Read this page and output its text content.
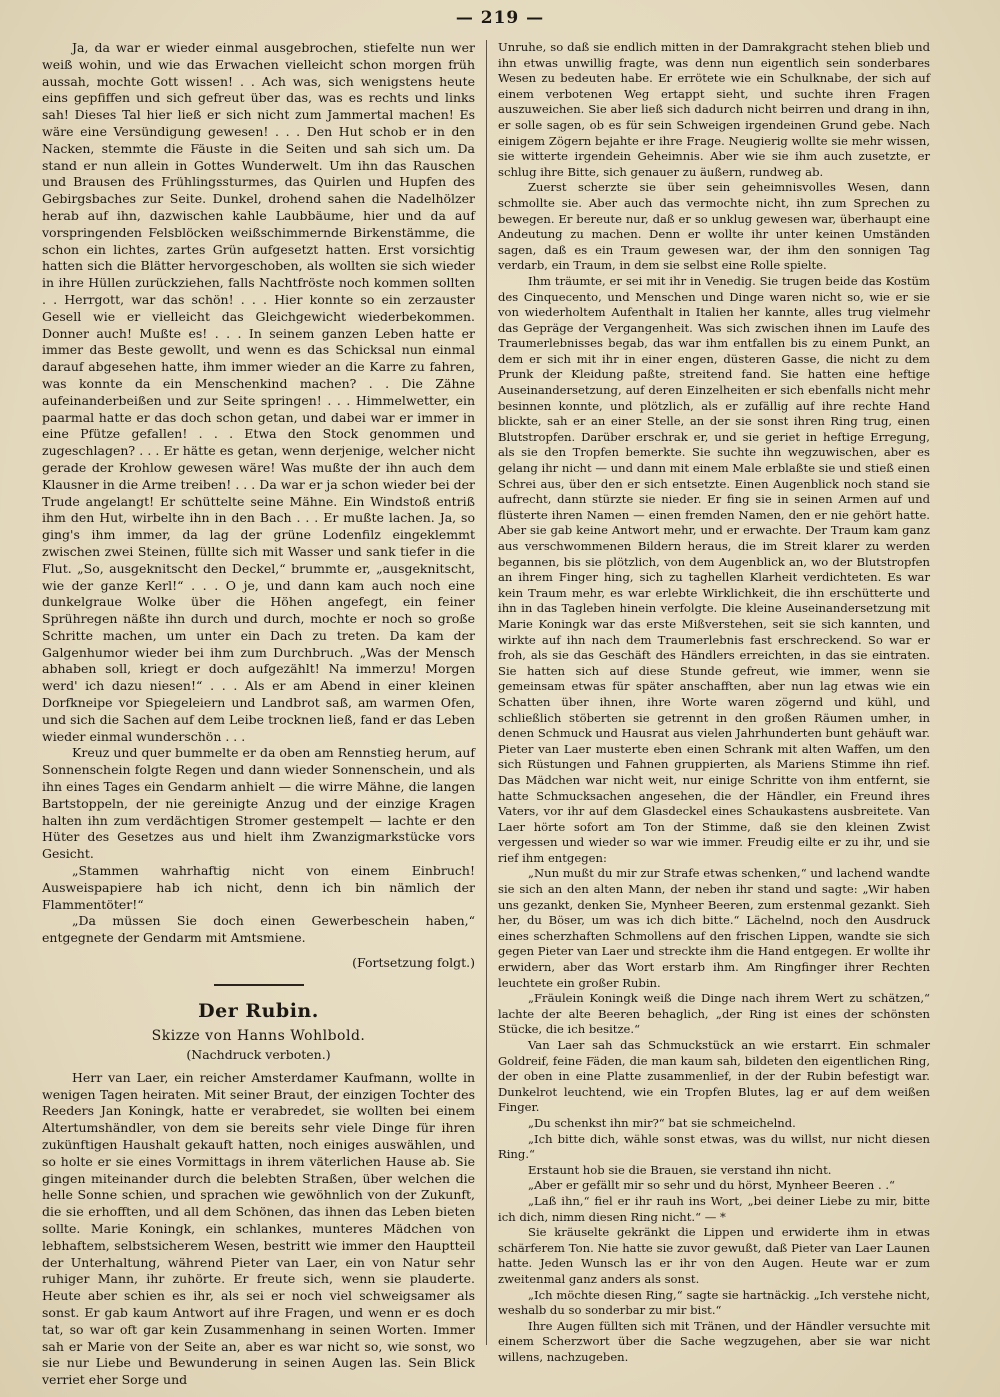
— 219 —

Ja, da war er wieder einmal ausgebrochen, stiefelte nun wer weiß wohin, und wie das Erwachen vielleicht schon morgen früh aussah, mochte Gott wissen! . . Ach was, sich wenigstens heute eins gepfiffen und sich gefreut über das, was es rechts und links sah! Dieses Tal hier ließ er sich nicht zum Jammertal machen! Es wäre eine Versündigung gewesen! . . . Den Hut schob er in den Nacken, stemmte die Fäuste in die Seiten und sah sich um. Da stand er nun allein in Gottes Wunderwelt. Um ihn das Rauschen und Brausen des Frühlingssturmes, das Quirlen und Hupfen des Gebirgsbaches zur Seite. Dunkel, drohend sahen die Nadelhölzer herab auf ihn, dazwischen kahle Laubbäume, hier und da auf vorspringenden Felsblöcken weißschimmernde Birkenstämme, die schon ein lichtes, zartes Grün aufgesetzt hatten. Erst vorsichtig hatten sich die Blätter hervorgeschoben, als wollten sie sich wieder in ihre Hüllen zurückziehen, falls Nachtfröste noch kommen sollten . . Herrgott, war das schön! . . . Hier konnte so ein zerzauster Gesell wie er vielleicht das Gleichgewicht wiederbekommen. Donner auch! Mußte es! . . . In seinem ganzen Leben hatte er immer das Beste gewollt, und wenn es das Schicksal nun einmal darauf abgesehen hatte, ihm immer wieder an die Karre zu fahren, was konnte da ein Menschenkind machen? . . Die Zähne aufeinanderbeißen und zur Seite springen! . . . Himmelwetter, ein paarmal hatte er das doch schon getan, und dabei war er immer in eine Pfütze gefallen! . . . Etwa den Stock genommen und zugeschlagen? . . . Er hätte es getan, wenn derjenige, welcher nicht gerade der Krohlow gewesen wäre! Was mußte der ihn auch dem Klausner in die Arme treiben! . . . Da war er ja schon wieder bei der Trude angelangt! Er schüttelte seine Mähne. Ein Windstoß entriß ihm den Hut, wirbelte ihn in den Bach . . . Er mußte lachen. Ja, so ging's ihm immer, da lag der grüne Lodenfilz eingeklemmt zwischen zwei Steinen, füllte sich mit Wasser und sank tiefer in die Flut. „So, ausgeknitscht den Deckel,“ brummte er, „ausgeknitscht, wie der ganze Kerl!“ . . . O je, und dann kam auch noch eine dunkelgraue Wolke über die Höhen angefegt, ein feiner Sprühregen näßte ihn durch und durch, mochte er noch so große Schritte machen, um unter ein Dach zu treten. Da kam der Galgenhumor wieder bei ihm zum Durchbruch. „Was der Mensch abhaben soll, kriegt er doch aufgezählt! Na immerzu! Morgen werd' ich dazu niesen!“ . . . Als er am Abend in einer kleinen Dorfkneipe vor Spiegeleiern und Landbrot saß, am warmen Ofen, und sich die Sachen auf dem Leibe trocknen ließ, fand er das Leben wieder einmal wunderschön . . .

Kreuz und quer bummelte er da oben am Rennstieg herum, auf Sonnenschein folgte Regen und dann wieder Sonnenschein, und als ihn eines Tages ein Gendarm anhielt — die wirre Mähne, die langen Bartstoppeln, der nie gereinigte Anzug und der einzige Kragen halten ihn zum verdächtigen Stromer gestempelt — lachte er den Hüter des Gesetzes aus und hielt ihm Zwanzigmarkstücke vors Gesicht.

„Stammen wahrhaftig nicht von einem Einbruch! Ausweispapiere hab ich nicht, denn ich bin nämlich der Flammentöter!“

„Da müssen Sie doch einen Gewerbeschein haben,“ entgegnete der Gendarm mit Amtsmiene.

(Fortsetzung folgt.)

Der Rubin.
Skizze von Hanns Wohlbold.
(Nachdruck verboten.)

Herr van Laer, ein reicher Amsterdamer Kaufmann, wollte in wenigen Tagen heiraten. Mit seiner Braut, der einzigen Tochter des Reeders Jan Koningk, hatte er verabredet, sie wollten bei einem Altertumshändler, von dem sie bereits sehr viele Dinge für ihren zukünftigen Haushalt gekauft hatten, noch einiges auswählen, und so holte er sie eines Vormittags in ihrem väterlichen Hause ab. Sie gingen miteinander durch die belebten Straßen, über welchen die helle Sonne schien, und sprachen wie gewöhnlich von der Zukunft, die sie erhofften, und all dem Schönen, das ihnen das Leben bieten sollte. Marie Koningk, ein schlankes, munteres Mädchen von lebhaftem, selbstsicherem Wesen, bestritt wie immer den Hauptteil der Unterhaltung, während Pieter van Laer, ein von Natur sehr ruhiger Mann, ihr zuhörte. Er freute sich, wenn sie plauderte. Heute aber schien es ihr, als sei er noch viel schweigsamer als sonst. Er gab kaum Antwort auf ihre Fragen, und wenn er es doch tat, so war oft gar kein Zusammenhang in seinen Worten. Immer sah er Marie von der Seite an, aber es war nicht so, wie sonst, wo sie nur Liebe und Bewunderung in seinen Augen las. Sein Blick verriet eher Sorge und

Unruhe, so daß sie endlich mitten in der Damrakgracht stehen blieb und ihn etwas unwillig fragte, was denn nun eigentlich sein sonderbares Wesen zu bedeuten habe. Er errötete wie ein Schulknabe, der sich auf einem verbotenen Weg ertappt sieht, und suchte ihren Fragen auszuweichen. Sie aber ließ sich dadurch nicht beirren und drang in ihn, er solle sagen, ob es für sein Schweigen irgendeinen Grund gebe. Nach einigem Zögern bejahte er ihre Frage. Neugierig wollte sie mehr wissen, sie witterte irgendein Geheimnis. Aber wie sie ihm auch zusetzte, er schlug ihre Bitte, sich genauer zu äußern, rundweg ab.

Zuerst scherzte sie über sein geheimnisvolles Wesen, dann schmollte sie. Aber auch das vermochte nicht, ihn zum Sprechen zu bewegen. Er bereute nur, daß er so unklug gewesen war, überhaupt eine Andeutung zu machen. Denn er wollte ihr unter keinen Umständen sagen, daß es ein Traum gewesen war, der ihm den sonnigen Tag verdarb, ein Traum, in dem sie selbst eine Rolle spielte.

Ihm träumte, er sei mit ihr in Venedig. Sie trugen beide das Kostüm des Cinquecento, und Menschen und Dinge waren nicht so, wie er sie von wiederholtem Aufenthalt in Italien her kannte, alles trug vielmehr das Gepräge der Vergangenheit. Was sich zwischen ihnen im Laufe des Traumerlebnisses begab, das war ihm entfallen bis zu einem Punkt, an dem er sich mit ihr in einer engen, düsteren Gasse, die nicht zu dem Prunk der Kleidung paßte, streitend fand. Sie hatten eine heftige Auseinandersetzung, auf deren Einzelheiten er sich ebenfalls nicht mehr besinnen konnte, und plötzlich, als er zufällig auf ihre rechte Hand blickte, sah er an einer Stelle, an der sie sonst ihren Ring trug, einen Blutstropfen. Darüber erschrak er, und sie geriet in heftige Erregung, als sie den Tropfen bemerkte. Sie suchte ihn wegzuwischen, aber es gelang ihr nicht — und dann mit einem Male erblaßte sie und stieß einen Schrei aus, über den er sich entsetzte. Einen Augenblick noch stand sie aufrecht, dann stürzte sie nieder. Er fing sie in seinen Armen auf und flüsterte ihren Namen — einen fremden Namen, den er nie gehört hatte. Aber sie gab keine Antwort mehr, und er erwachte. Der Traum kam ganz aus verschwommenen Bildern heraus, die im Streit klarer zu werden begannen, bis sie plötzlich, von dem Augenblick an, wo der Blutstropfen an ihrem Finger hing, sich zu taghellen Klarheit verdichteten. Es war kein Traum mehr, es war erlebte Wirklichkeit, die ihn erschütterte und ihn in das Tagleben hinein verfolgte. Die kleine Auseinandersetzung mit Marie Koningk war das erste Mißverstehen, seit sie sich kannten, und wirkte auf ihn nach dem Traumerlebnis fast erschreckend. So war er froh, als sie das Geschäft des Händlers erreichten, in das sie eintraten. Sie hatten sich auf diese Stunde gefreut, wie immer, wenn sie gemeinsam etwas für später anschafften, aber nun lag etwas wie ein Schatten über ihnen, ihre Worte waren zögernd und kühl, und schließlich stöberten sie getrennt in den großen Räumen umher, in denen Schmuck und Hausrat aus vielen Jahrhunderten bunt gehäuft war. Pieter van Laer musterte eben einen Schrank mit alten Waffen, um den sich Rüstungen und Fahnen gruppierten, als Mariens Stimme ihn rief. Das Mädchen war nicht weit, nur einige Schritte von ihm entfernt, sie hatte Schmucksachen angesehen, die der Händler, ein Freund ihres Vaters, vor ihr auf dem Glasdeckel eines Schaukastens ausbreitete. Van Laer hörte sofort am Ton der Stimme, daß sie den kleinen Zwist vergessen und wieder so war wie immer. Freudig eilte er zu ihr, und sie rief ihm entgegen:

„Nun mußt du mir zur Strafe etwas schenken,“ und lachend wandte sie sich an den alten Mann, der neben ihr stand und sagte: „Wir haben uns gezankt, denken Sie, Mynheer Beeren, zum erstenmal gezankt. Sieh her, du Böser, um was ich dich bitte.“ Lächelnd, noch den Ausdruck eines scherzhaften Schmollens auf den frischen Lippen, wandte sie sich gegen Pieter van Laer und streckte ihm die Hand entgegen. Er wollte ihr erwidern, aber das Wort erstarb ihm. Am Ringfinger ihrer Rechten leuchtete ein großer Rubin.

„Fräulein Koningk weiß die Dinge nach ihrem Wert zu schätzen,“ lachte der alte Beeren behaglich, „der Ring ist eines der schönsten Stücke, die ich besitze.“

Van Laer sah das Schmuckstück an wie erstarrt. Ein schmaler Goldreif, feine Fäden, die man kaum sah, bildeten den eigentlichen Ring, der oben in eine Platte zusammenlief, in der der Rubin befestigt war. Dunkelrot leuchtend, wie ein Tropfen Blutes, lag er auf dem weißen Finger.

„Du schenkst ihn mir?“ bat sie schmeichelnd.

„Ich bitte dich, wähle sonst etwas, was du willst, nur nicht diesen Ring.“

Erstaunt hob sie die Brauen, sie verstand ihn nicht.

„Aber er gefällt mir so sehr und du hörst, Mynheer Beeren . .“

„Laß ihn,“ fiel er ihr rauh ins Wort, „bei deiner Liebe zu mir, bitte ich dich, nimm diesen Ring nicht.“ — *

Sie kräuselte gekränkt die Lippen und erwiderte ihm in etwas schärferem Ton. Nie hatte sie zuvor gewußt, daß Pieter van Laer Launen hatte. Jeden Wunsch las er ihr von den Augen. Heute war er zum zweitenmal ganz anders als sonst.

„Ich möchte diesen Ring,“ sagte sie hartnäckig. „Ich verstehe nicht, weshalb du so sonderbar zu mir bist.“

Ihre Augen füllten sich mit Tränen, und der Händler versuchte mit einem Scherzwort über die Sache wegzugehen, aber sie war nicht willens, nachzugeben.
